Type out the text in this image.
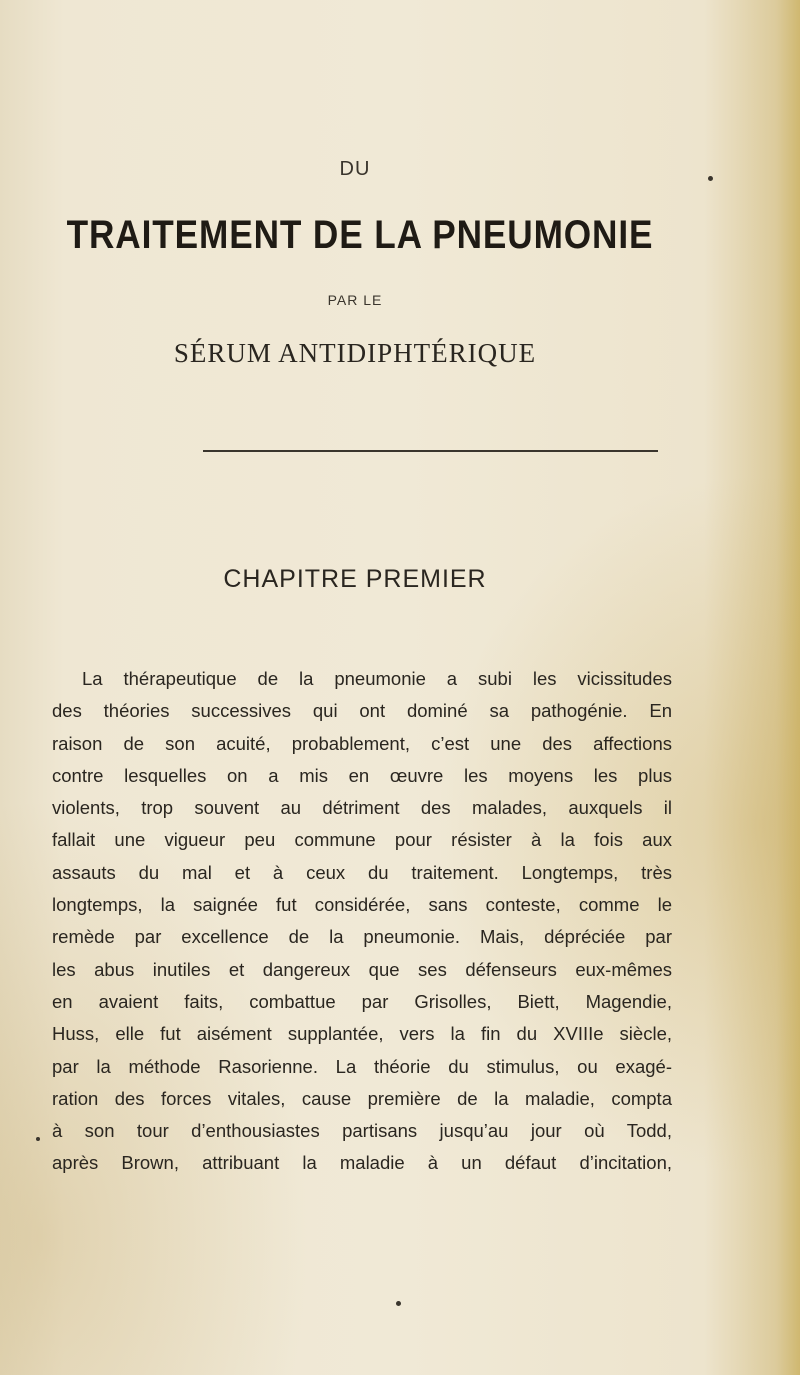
DU
TRAITEMENT DE LA PNEUMONIE
PAR LE
SÉRUM ANTIDIPHTÉRIQUE
CHAPITRE PREMIER
La thérapeutique de la pneumonie a subi les vicissitudes
des théories successives qui ont dominé sa pathogénie. En
raison de son acuité, probablement, c’est une des affections
contre lesquelles on a mis en œuvre les moyens les plus
violents, trop souvent au détriment des malades, auxquels il
fallait une vigueur peu commune pour résister à la fois aux
assauts du mal et à ceux du traitement. Longtemps, très
longtemps, la saignée fut considérée, sans conteste, comme le
remède par excellence de la pneumonie. Mais, dépréciée par
les abus inutiles et dangereux que ses défenseurs eux-mêmes
en avaient faits, combattue par Grisolles, Biett, Magendie,
Huss, elle fut aisément supplantée, vers la fin du XVIIIe siècle,
par la méthode Rasorienne. La théorie du stimulus, ou exagé-
ration des forces vitales, cause première de la maladie, compta
à son tour d’enthousiastes partisans jusqu’au jour où Todd,
après Brown, attribuant la maladie à un défaut d’incitation,
